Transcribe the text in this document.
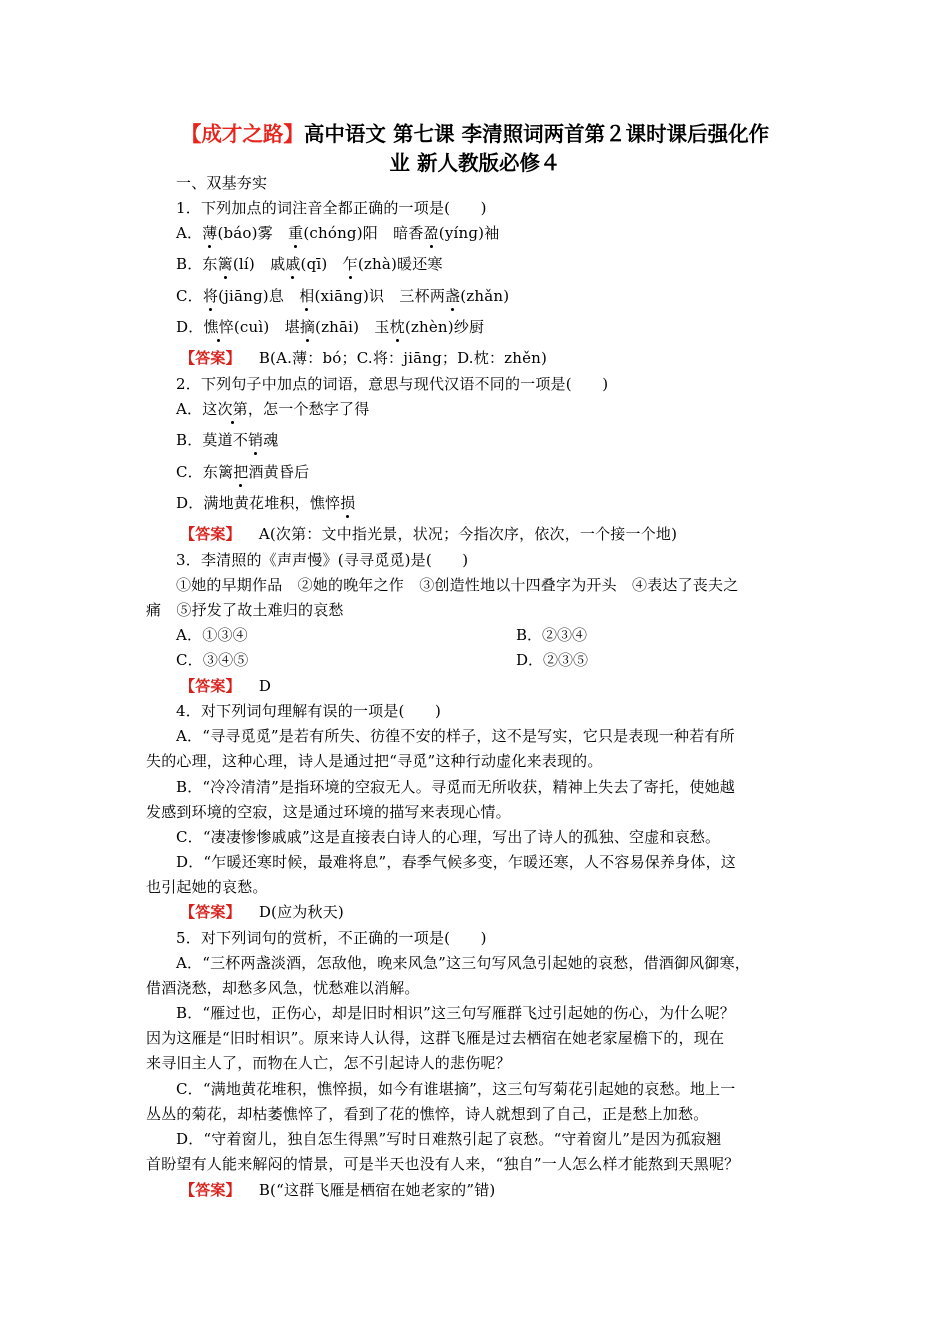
【成才之路】高中语文 第七课 李清照词两首第２课时课后强化作
业 新人教版必修４
一、双基夯实
1．下列加点的词注音全都正确的一项是(　　)
A．薄(báo)雾　重(chóng)阳　暗香盈(yínɡ)袖
B．东篱(lí)　戚戚(qī)　乍(zhà)暖还寒
C．将(jiānɡ)息　相(xiānɡ)识　三杯两盏(zhǎn)
D．憔悴(cuì)　堪摘(zhāi)　玉枕(zhèn)纱厨
【答案】 B(A.薄：bó；C.将：jiāng；D.枕：zhěn)
2．下列句子中加点的词语，意思与现代汉语不同的一项是(　　)
A．这次第，怎一个愁字了得
B．莫道不销魂
C．东篱把酒黄昏后
D．满地黄花堆积，憔悴损
【答案】 A(次第：文中指光景，状况；今指次序，依次，一个接一个地)
3．李清照的《声声慢》(寻寻觅觅)是(　　)
①她的早期作品　②她的晚年之作　③创造性地以十四叠字为开头　④表达了丧夫之
痛　⑤抒发了故土难归的哀愁
A．①③④	B．②③④
C．③④⑤	D．②③⑤
【答案】 D
4．对下列词句理解有误的一项是(　　)
A．“寻寻觅觅”是若有所失、彷徨不安的样子，这不是写实，它只是表现一种若有所
失的心理，这种心理，诗人是通过把“寻觅”这种行动虚化来表现的。
B．“冷冷清清”是指环境的空寂无人。寻觅而无所收获，精神上失去了寄托，使她越
发感到环境的空寂，这是通过环境的描写来表现心情。
C．“凄凄惨惨戚戚”这是直接表白诗人的心理，写出了诗人的孤独、空虚和哀愁。
D．“乍暖还寒时候，最难将息”，春季气候多变，乍暖还寒，人不容易保养身体，这
也引起她的哀愁。
【答案】 D(应为秋天)
5．对下列词句的赏析，不正确的一项是(　　)
A．“三杯两盏淡酒，怎敌他，晚来风急”这三句写风急引起她的哀愁，借酒御风御寒，
借酒浇愁，却愁多风急，忧愁难以消解。
B．“雁过也，正伤心，却是旧时相识”这三句写雁群飞过引起她的伤心，为什么呢？
因为这雁是“旧时相识”。原来诗人认得，这群飞雁是过去栖宿在她老家屋檐下的，现在
来寻旧主人了，而物在人亡，怎不引起诗人的悲伤呢？
C．“满地黄花堆积，憔悴损，如今有谁堪摘”，这三句写菊花引起她的哀愁。地上一
丛丛的菊花，却枯萎憔悴了，看到了花的憔悴，诗人就想到了自己，正是愁上加愁。
D．“守着窗儿，独自怎生得黑”写时日难熬引起了哀愁。“守着窗儿”是因为孤寂翘
首盼望有人能来解闷的情景，可是半天也没有人来，“独自”一人怎么样才能熬到天黑呢？
【答案】 B(“这群飞雁是栖宿在她老家的”错)
